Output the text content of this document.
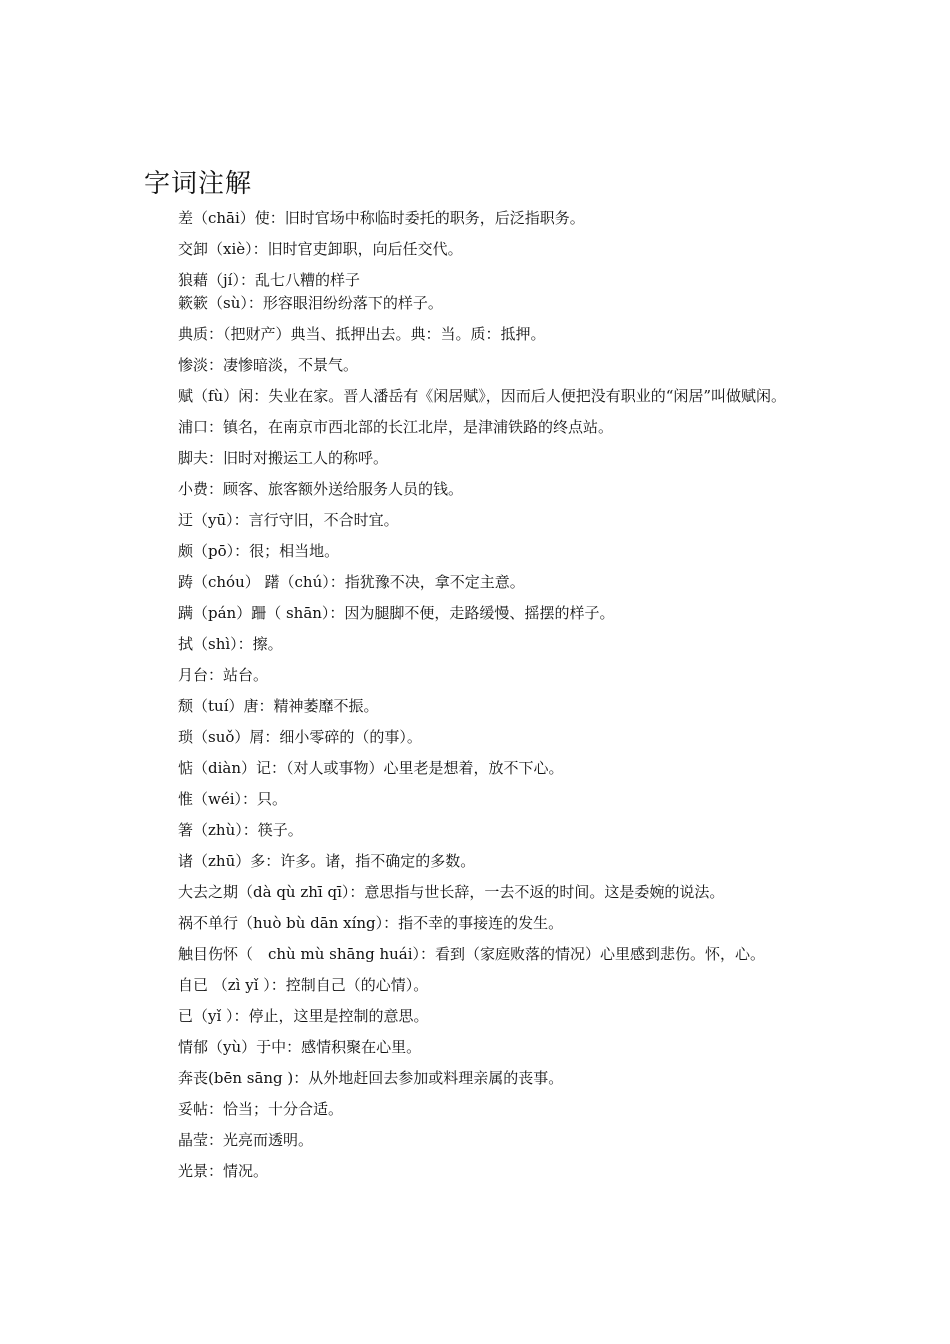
字词注解
差（chāi）使：旧时官场中称临时委托的职务，后泛指职务。
交卸（xiè）：旧时官吏卸职，向后任交代。
狼藉（jí）：乱七八糟的样子
簌簌（sù）：形容眼泪纷纷落下的样子。
典质：（把财产）典当、抵押出去。典：当。质：抵押。
惨淡：凄惨暗淡，不景气。
赋（fù）闲：失业在家。晋人潘岳有《闲居赋》，因而后人便把没有职业的“闲居”叫做赋闲。
浦口：镇名，在南京市西北部的长江北岸，是津浦铁路的终点站。
脚夫：旧时对搬运工人的称呼。
小费：顾客、旅客额外送给服务人员的钱。
迂（yū）：言行守旧，不合时宜。
颇（pō）：很；相当地。
踌（chóu） 躇（chú）：指犹豫不决，拿不定主意。
蹒（pán）跚（ shān）：因为腿脚不便，走路缓慢、摇摆的样子。
拭（shì）：擦。
月台：站台。
颓（tuí）唐：精神萎靡不振。
琐（suǒ）屑：细小零碎的（的事）。
惦（diàn）记：（对人或事物）心里老是想着，放不下心。
惟（wéi）：只。
箸（zhù）：筷子。
诸（zhū）多：许多。诸，指不确定的多数。
大去之期（dà qù zhī qī）：意思指与世长辞，一去不返的时间。这是委婉的说法。
祸不单行（huò bù dān xíng）：指不幸的事接连的发生。
触目伤怀（　chù mù shāng huái）：看到（家庭败落的情况）心里感到悲伤。怀，心。
自已 （zì yǐ ）：控制自己（的心情）。
已（yǐ ）：停止，这里是控制的意思。
情郁（yù）于中：感情积聚在心里。
奔丧(bēn sāng )：从外地赶回去参加或料理亲属的丧事。
妥帖：恰当；十分合适。
晶莹：光亮而透明。
光景：情况。
